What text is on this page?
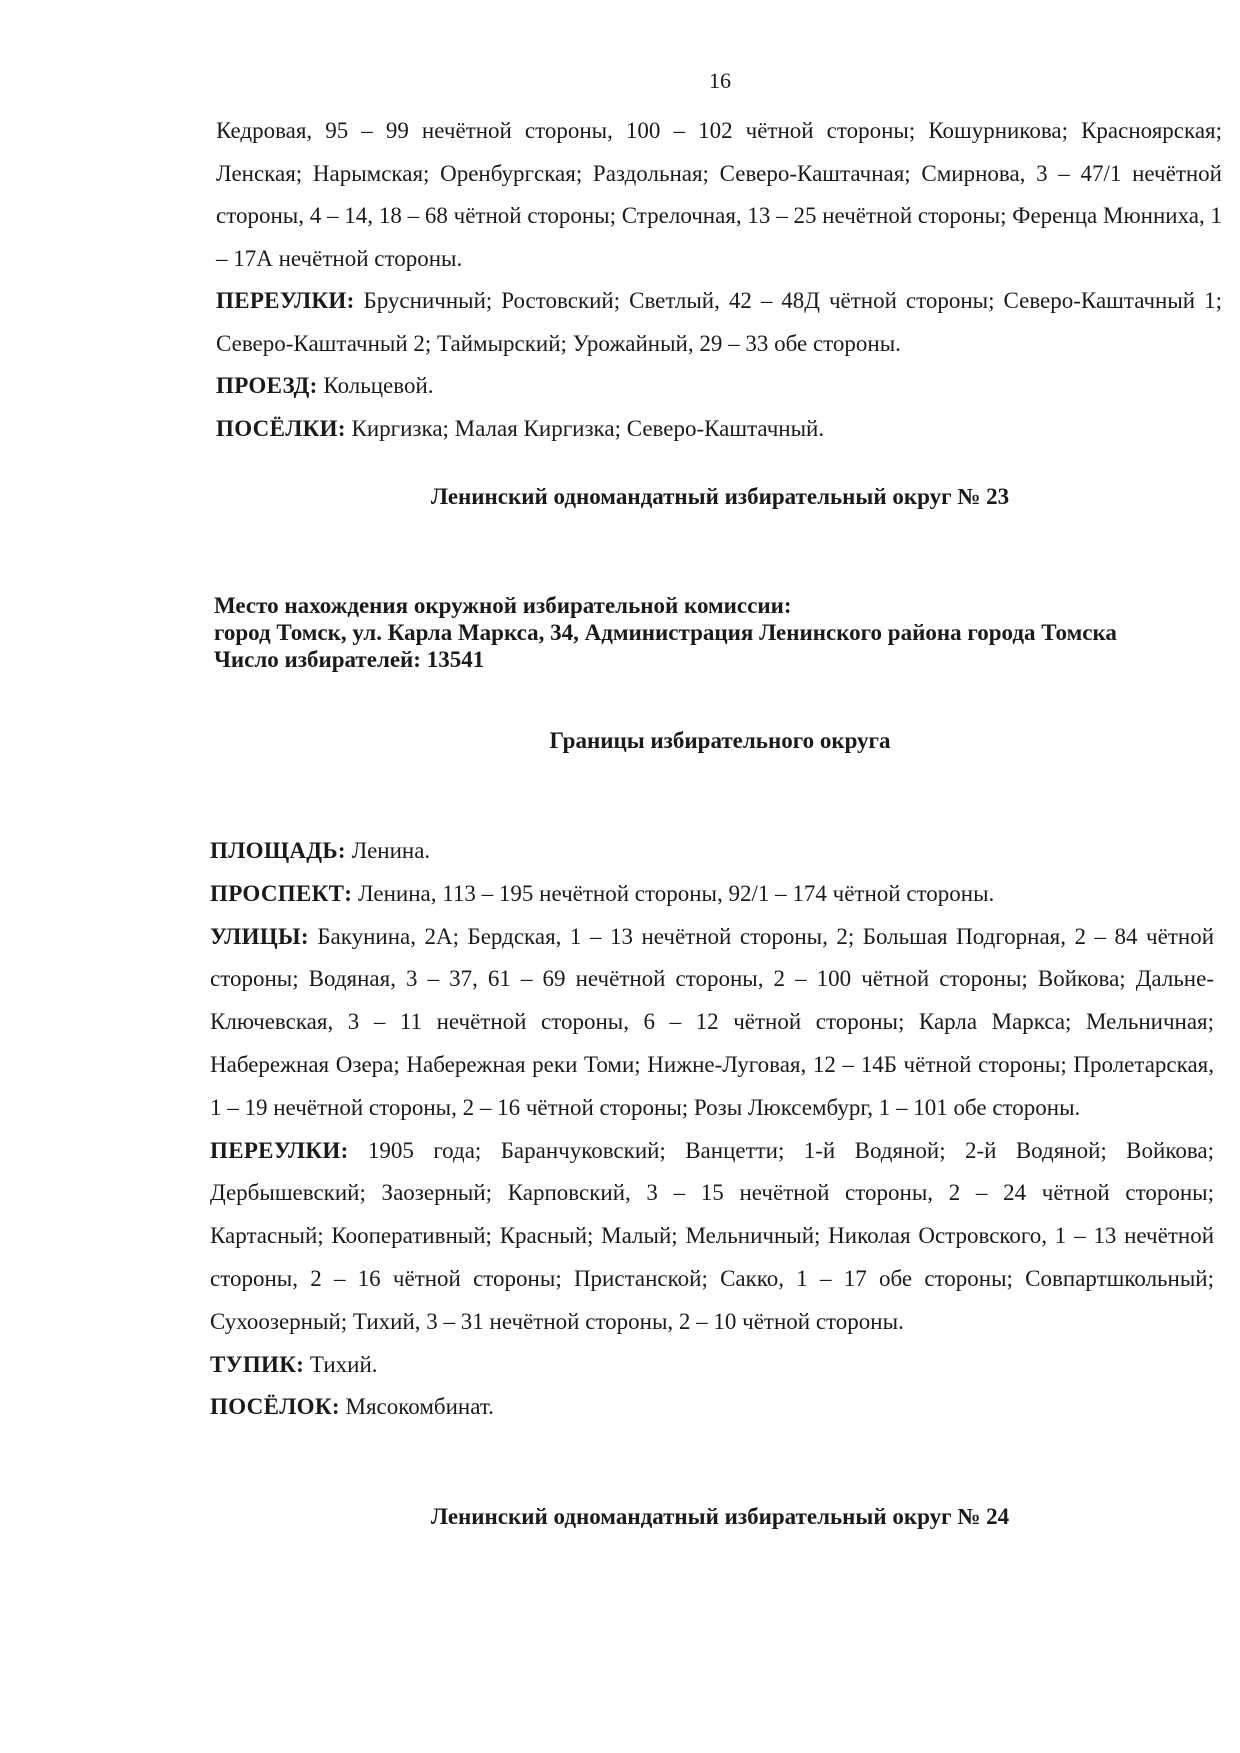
16

Кедровая, 95 – 99 нечётной стороны, 100 – 102 чётной стороны; Кошурникова; Красноярская; Ленская; Нарымская; Оренбургская; Раздольная; Северо-Каштачная; Смирнова, 3 – 47/1 нечётной стороны, 4 – 14, 18 – 68 чётной стороны; Стрелочная, 13 – 25 нечётной стороны; Ференца Мюнниха, 1 – 17А нечётной стороны.

ПЕРЕУЛКИ: Брусничный; Ростовский; Светлый, 42 – 48Д чётной стороны; Северо-Каштачный 1; Северо-Каштачный 2; Таймырский; Урожайный, 29 – 33 обе стороны.

ПРОЕЗД: Кольцевой.

ПОСЁЛКИ: Киргизка; Малая Киргизка; Северо-Каштачный.

Ленинский одномандатный избирательный округ № 23

Место нахождения окружной избирательной комиссии:

город Томск, ул. Карла Маркса, 34, Администрация Ленинского района города Томска

Число избирателей: 13541

Границы избирательного округа

ПЛОЩАДЬ: Ленина.

ПРОСПЕКТ: Ленина, 113 – 195 нечётной стороны, 92/1 – 174 чётной стороны.

УЛИЦЫ: Бакунина, 2А; Бердская, 1 – 13 нечётной стороны, 2; Большая Подгорная, 2 – 84 чётной стороны; Водяная, 3 – 37, 61 – 69 нечётной стороны, 2 – 100 чётной стороны; Войкова; Дальне-Ключевская, 3 – 11 нечётной стороны, 6 – 12 чётной стороны; Карла Маркса; Мельничная; Набережная Озера; Набережная реки Томи; Нижне-Луговая, 12 – 14Б чётной стороны; Пролетарская, 1 – 19 нечётной стороны, 2 – 16 чётной стороны; Розы Люксембург, 1 – 101 обе стороны.

ПЕРЕУЛКИ: 1905 года; Баранчуковский; Ванцетти; 1-й Водяной; 2-й Водяной; Войкова; Дербышевский; Заозерный; Карповский, 3 – 15 нечётной стороны, 2 – 24 чётной стороны; Картасный; Кооперативный; Красный; Малый; Мельничный; Николая Островского, 1 – 13 нечётной стороны, 2 – 16 чётной стороны; Пристанской; Сакко, 1 – 17 обе стороны; Совпартшкольный; Сухоозерный; Тихий, 3 – 31 нечётной стороны, 2 – 10 чётной стороны.

ТУПИК: Тихий.

ПОСЁЛОК: Мясокомбинат.

Ленинский одномандатный избирательный округ № 24
